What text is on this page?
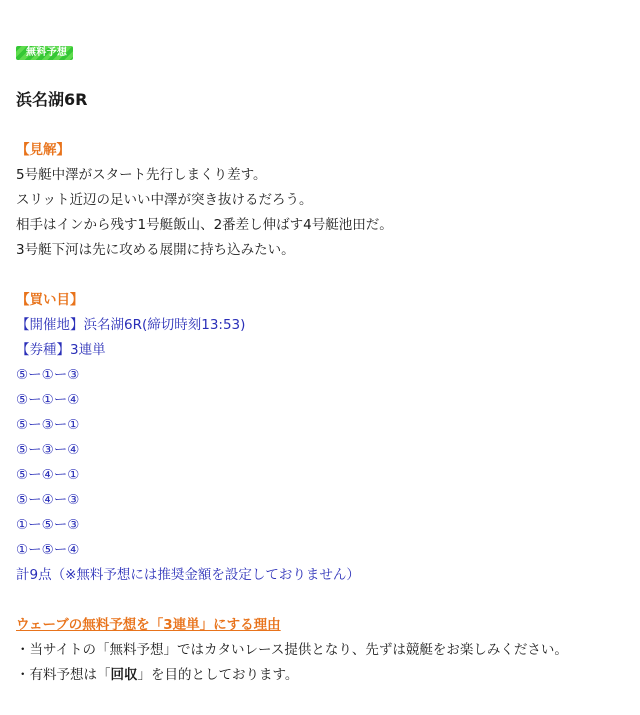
無料予想
浜名湖6R
【見解】
5号艇中澤がスタート先行しまくり差す。
スリット近辺の足いい中澤が突き抜けるだろう。
相手はインから残す1号艇飯山、2番差し伸ばす4号艇池田だ。
3号艇下河は先に攻める展開に持ち込みたい。
【買い目】
【開催地】浜名湖6R(締切時刻13:53)
【券種】3連単
⑤ー①ー③
⑤ー①ー④
⑤ー③ー①
⑤ー③ー④
⑤ー④ー①
⑤ー④ー③
①ー⑤ー③
①ー⑤ー④
計9点（※無料予想には推奨金額を設定しておりません）
ウェーブの無料予想を「3連単」にする理由
・当サイトの「無料予想」ではカタいレース提供となり、先ずは競艇をお楽しみください。
・有料予想は「回収」を目的としております。
